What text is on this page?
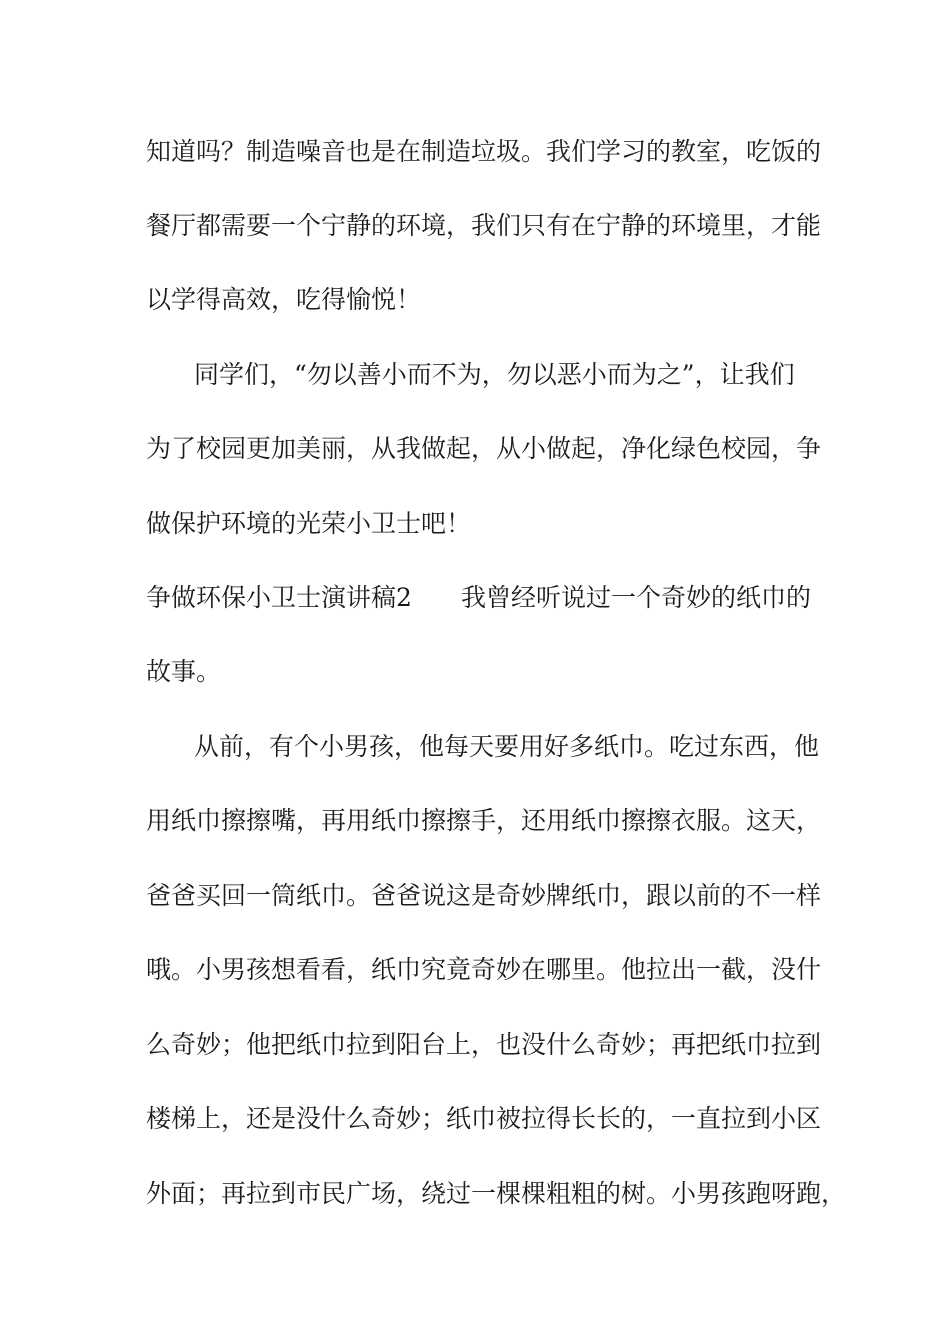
知道吗？制造噪音也是在制造垃圾。我们学习的教室，吃饭的
餐厅都需要一个宁静的环境，我们只有在宁静的环境里，才能
以学得高效，吃得愉悦！
同学们，“勿以善小而不为，勿以恶小而为之”，让我们
为了校园更加美丽，从我做起，从小做起，净化绿色校园，争
做保护环境的光荣小卫士吧！
争做环保小卫士演讲稿2 我曾经听说过一个奇妙的纸巾的
故事。
从前，有个小男孩，他每天要用好多纸巾。吃过东西，他
用纸巾擦擦嘴，再用纸巾擦擦手，还用纸巾擦擦衣服。这天，
爸爸买回一筒纸巾。爸爸说这是奇妙牌纸巾，跟以前的不一样
哦。小男孩想看看，纸巾究竟奇妙在哪里。他拉出一截，没什
么奇妙；他把纸巾拉到阳台上，也没什么奇妙；再把纸巾拉到
楼梯上，还是没什么奇妙；纸巾被拉得长长的，一直拉到小区
外面；再拉到市民广场，绕过一棵棵粗粗的树。小男孩跑呀跑，
